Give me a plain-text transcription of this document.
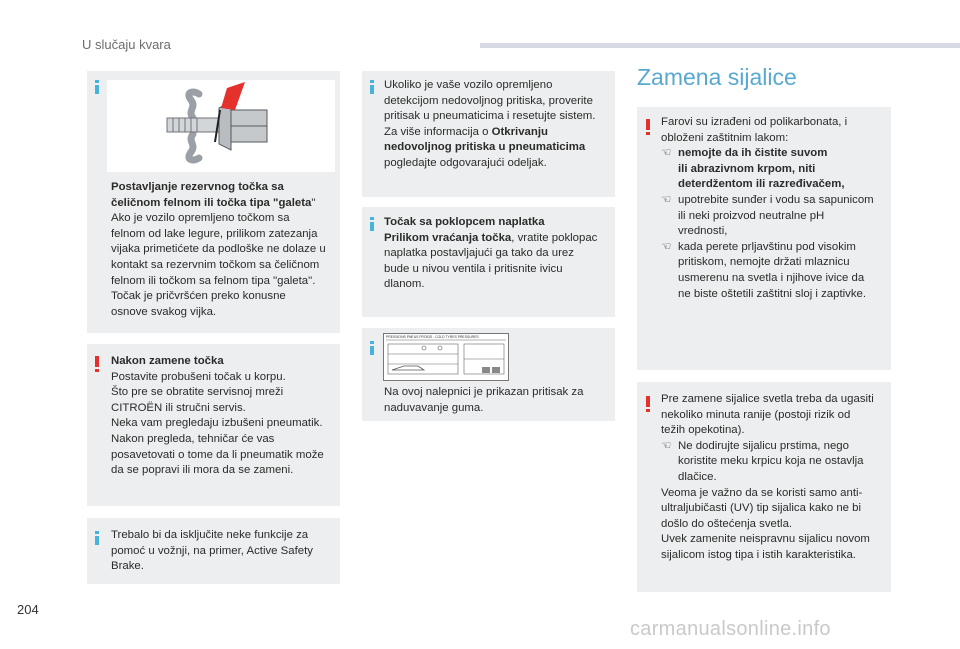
U slučaju kvara
Postavljanje rezervnog točka sa
čeličnom felnom ili točka tipa "galeta"
Ako je vozilo opremljeno točkom sa
felnom od lake legure, prilikom zatezanja
vijaka primetićete da podloške ne dolaze u
kontakt sa rezervnim točkom sa čeličnom
felnom ili točkom sa felnom tipa "galeta".
Točak je pričvršćen preko konusne
osnove svakog vijka.
Nakon zamene točka
Postavite probušeni točak u korpu.
Što pre se obratite servisnoj mreži
CITROËN ili stručni servis.
Neka vam pregledaju izbušeni pneumatik.
Nakon pregleda, tehničar će vas
posavetovati o tome da li pneumatik može
da se popravi ili mora da se zameni.
Trebalo bi da isključite neke funkcije za
pomoć u vožnji, na primer, Active Safety
Brake.
Ukoliko je vaše vozilo opremljeno
detekcijom nedovoljnog pritiska, proverite
pritisak u pneumaticima i resetujte sistem.
Za više informacija o Otkrivanju
nedovoljnog pritiska u pneumaticima
pogledajte odgovarajući odeljak.
Točak sa poklopcem naplatka
Prilikom vraćanja točka, vratite poklopac
naplatka postavljajući ga tako da urez
bude u nivou ventila i pritisnite ivicu
dlanom.
PRESSIONS PNEUS FROIDS - COLD TYRES PRESSURES
Na ovoj nalepnici je prikazan pritisak za
naduvavanje guma.
Zamena sijalice
Farovi su izrađeni od polikarbonata, i
obloženi zaštitnim lakom:
☜ nemojte da ih čistite suvom
ili abrazivnom krpom, niti
deterdžentom ili razređivačem,
☜ upotrebite sunđer i vodu sa sapunicom
ili neki proizvod neutralne pH
vrednosti,
☜ kada perete prljavštinu pod visokim
pritiskom, nemojte držati mlaznicu
usmerenu na svetla i njihove ivice da
ne biste oštetili zaštitni sloj i zaptivke.
Pre zamene sijalice svetla treba da ugasiti
nekoliko minuta ranije (postoji rizik od
težih opekotina).
☜ Ne dodirujte sijalicu prstima, nego
koristite meku krpicu koja ne ostavlja
dlačice.
Veoma je važno da se koristi samo anti-
ultraljubičasti (UV) tip sijalica kako ne bi
došlo do oštećenja svetla.
Uvek zamenite neispravnu sijalicu novom
sijalicom istog tipa i istih karakteristika.
204
carmanualsonline.info
